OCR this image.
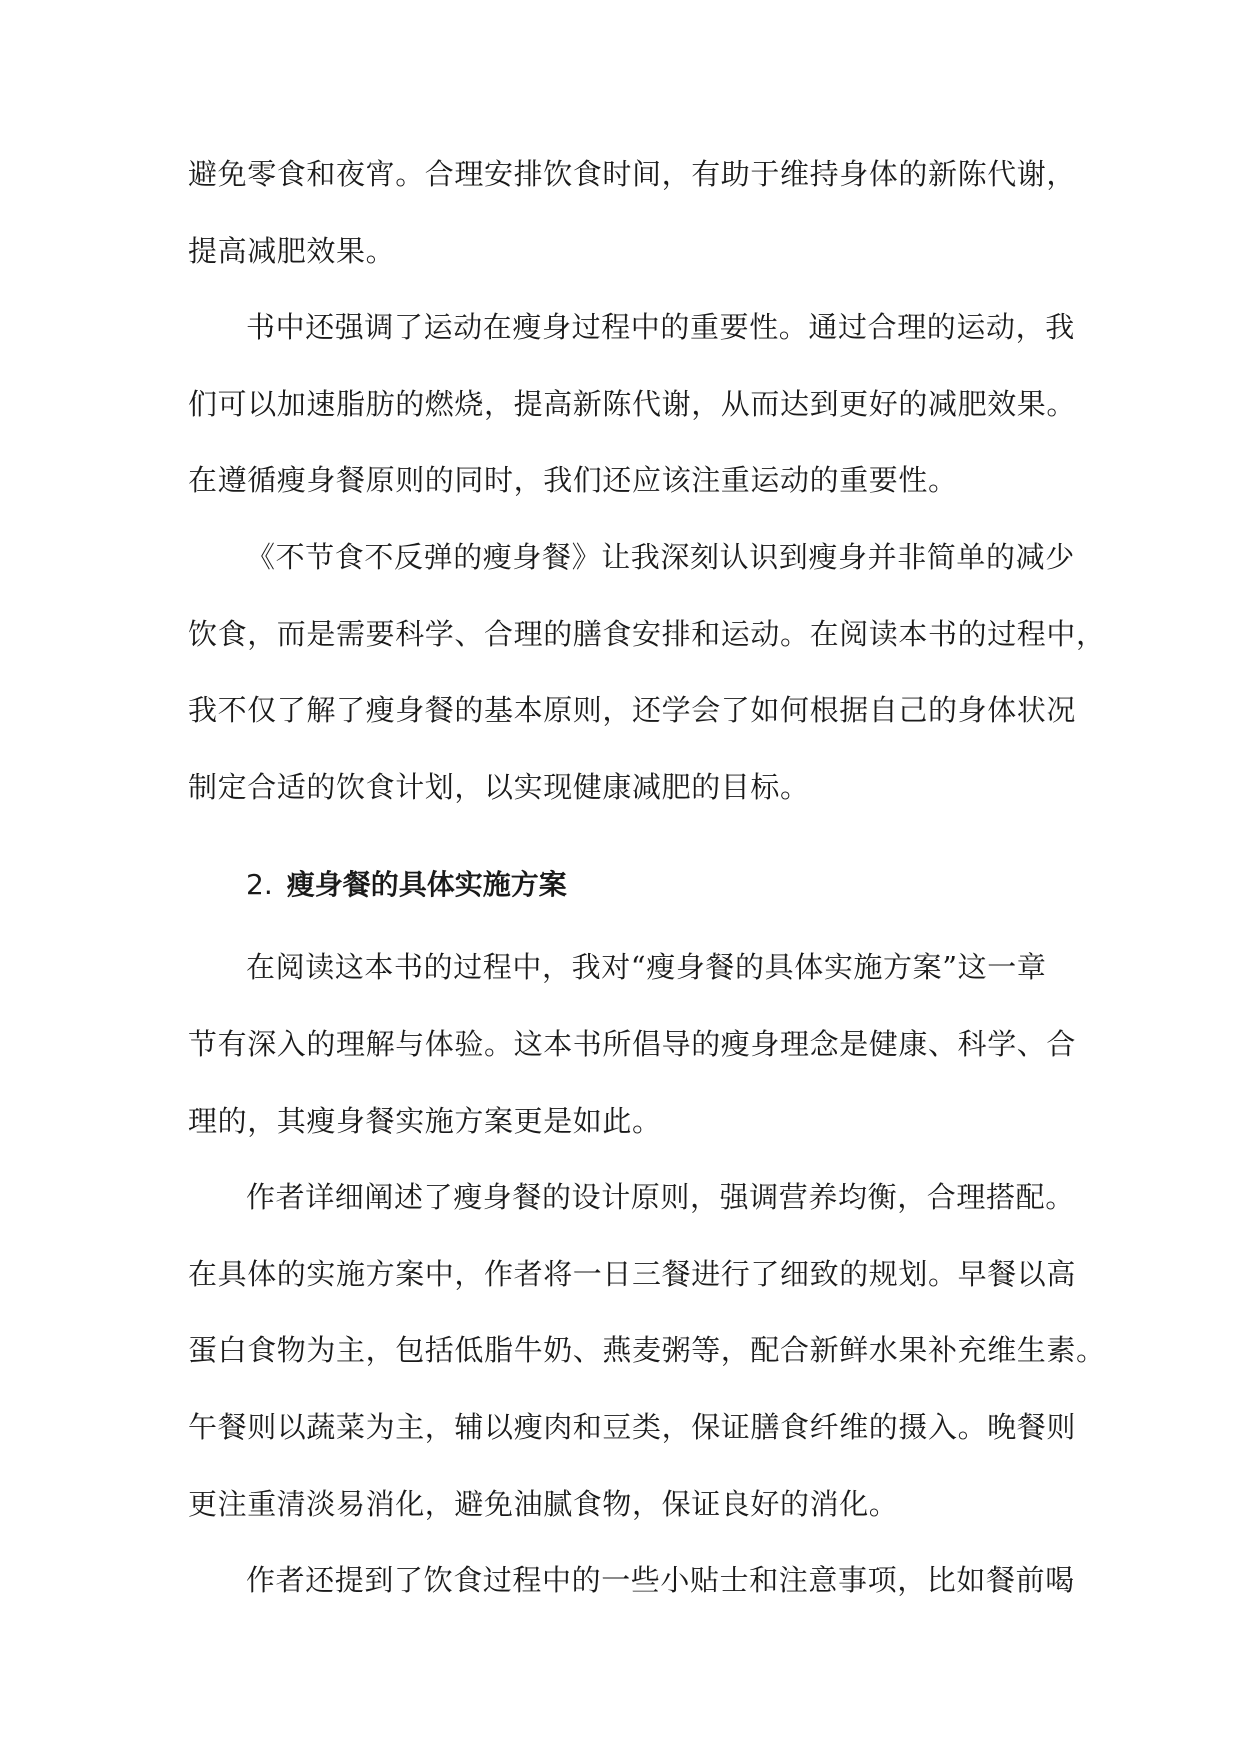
避免零食和夜宵。合理安排饮食时间，有助于维持身体的新陈代谢，
提高减肥效果。
书中还强调了运动在瘦身过程中的重要性。通过合理的运动，我
们可以加速脂肪的燃烧，提高新陈代谢，从而达到更好的减肥效果。
在遵循瘦身餐原则的同时，我们还应该注重运动的重要性。
《不节食不反弹的瘦身餐》让我深刻认识到瘦身并非简单的减少
饮食，而是需要科学、合理的膳食安排和运动。在阅读本书的过程中，
我不仅了解了瘦身餐的基本原则，还学会了如何根据自己的身体状况
制定合适的饮食计划，以实现健康减肥的目标。
2. 瘦身餐的具体实施方案
在阅读这本书的过程中，我对“瘦身餐的具体实施方案”这一章
节有深入的理解与体验。这本书所倡导的瘦身理念是健康、科学、合
理的，其瘦身餐实施方案更是如此。
作者详细阐述了瘦身餐的设计原则，强调营养均衡，合理搭配。
在具体的实施方案中，作者将一日三餐进行了细致的规划。早餐以高
蛋白食物为主，包括低脂牛奶、燕麦粥等，配合新鲜水果补充维生素。
午餐则以蔬菜为主，辅以瘦肉和豆类，保证膳食纤维的摄入。晚餐则
更注重清淡易消化，避免油腻食物，保证良好的消化。
作者还提到了饮食过程中的一些小贴士和注意事项，比如餐前喝
